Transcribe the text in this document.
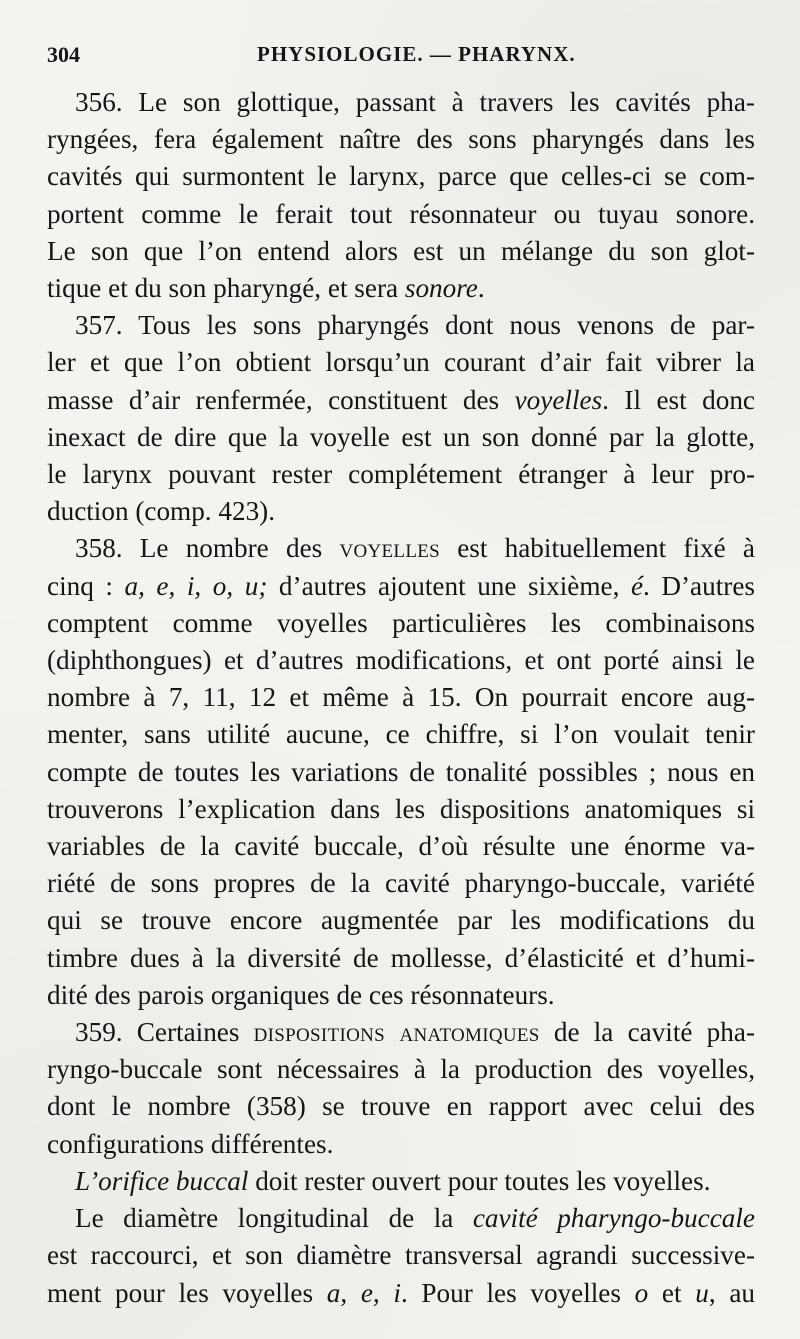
304	PHYSIOLOGIE. — PHARYNX.
356. Le son glottique, passant à travers les cavités pha-
ryngées, fera également naître des sons pharyngés dans les
cavités qui surmontent le larynx, parce que celles-ci se com-
portent comme le ferait tout résonnateur ou tuyau sonore.
Le son que l’on entend alors est un mélange du son glot-
tique et du son pharyngé, et sera sonore.
357. Tous les sons pharyngés dont nous venons de par-
ler et que l’on obtient lorsqu’un courant d’air fait vibrer la
masse d’air renfermée, constituent des voyelles. Il est donc
inexact de dire que la voyelle est un son donné par la glotte,
le larynx pouvant rester complétement étranger à leur pro-
duction (comp. 423).
358. Le nombre des voyelles est habituellement fixé à
cinq : a, e, i, o, u; d’autres ajoutent une sixième, é. D’autres
comptent comme voyelles particulières les combinaisons
(diphthongues) et d’autres modifications, et ont porté ainsi le
nombre à 7, 11, 12 et même à 15. On pourrait encore aug-
menter, sans utilité aucune, ce chiffre, si l’on voulait tenir
compte de toutes les variations de tonalité possibles ; nous en
trouverons l’explication dans les dispositions anatomiques si
variables de la cavité buccale, d’où résulte une énorme va-
riété de sons propres de la cavité pharyngo-buccale, variété
qui se trouve encore augmentée par les modifications du
timbre dues à la diversité de mollesse, d’élasticité et d’humi-
dité des parois organiques de ces résonnateurs.
359. Certaines dispositions anatomiques de la cavité pha-
ryngo-buccale sont nécessaires à la production des voyelles,
dont le nombre (358) se trouve en rapport avec celui des
configurations différentes.
L’orifice buccal doit rester ouvert pour toutes les voyelles.
Le diamètre longitudinal de la cavité pharyngo-buccale
est raccourci, et son diamètre transversal agrandi successive-
ment pour les voyelles a, e, i. Pour les voyelles o et u, au
